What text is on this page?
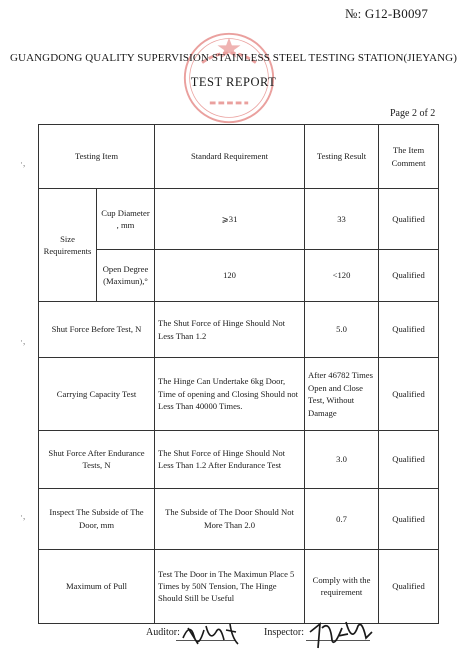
№: G12-B0097
GUANGDONG QUALITY SUPERVISION STAINLESS STEEL TESTING STATION(JIEYANG)
TEST REPORT
Page 2 of 2
·,
·,
·,
Testing Item		Standard Requirement	Testing Result	The Item Comment
Size Requirements	Cup Diameter , mm	⩾31	33	Qualified
	Open Degree (Maximun),°	120	<120	Qualified
Shut Force Before Test, N		The Shut Force of Hinge Should Not Less Than 1.2	5.0	Qualified
Carrying Capacity Test		The Hinge Can Undertake 6kg Door, Time of opening and Closing Should not Less Than 40000 Times.	After 46782 Times Open and Close Test, Without Damage	Qualified
Shut Force After Endurance Tests, N		The Shut Force of Hinge Should Not Less Than 1.2 After Endurance Test	3.0	Qualified
Inspect The Subside of The Door, mm		The Subside of The Door Should Not More Than 2.0	0.7	Qualified
Maximum of Pull		Test The Door in The Maximun Place 5 Times by 50N Tension, The Hinge Should Still be Useful	Comply with the requirement	Qualified
Auditor:	Inspector:
